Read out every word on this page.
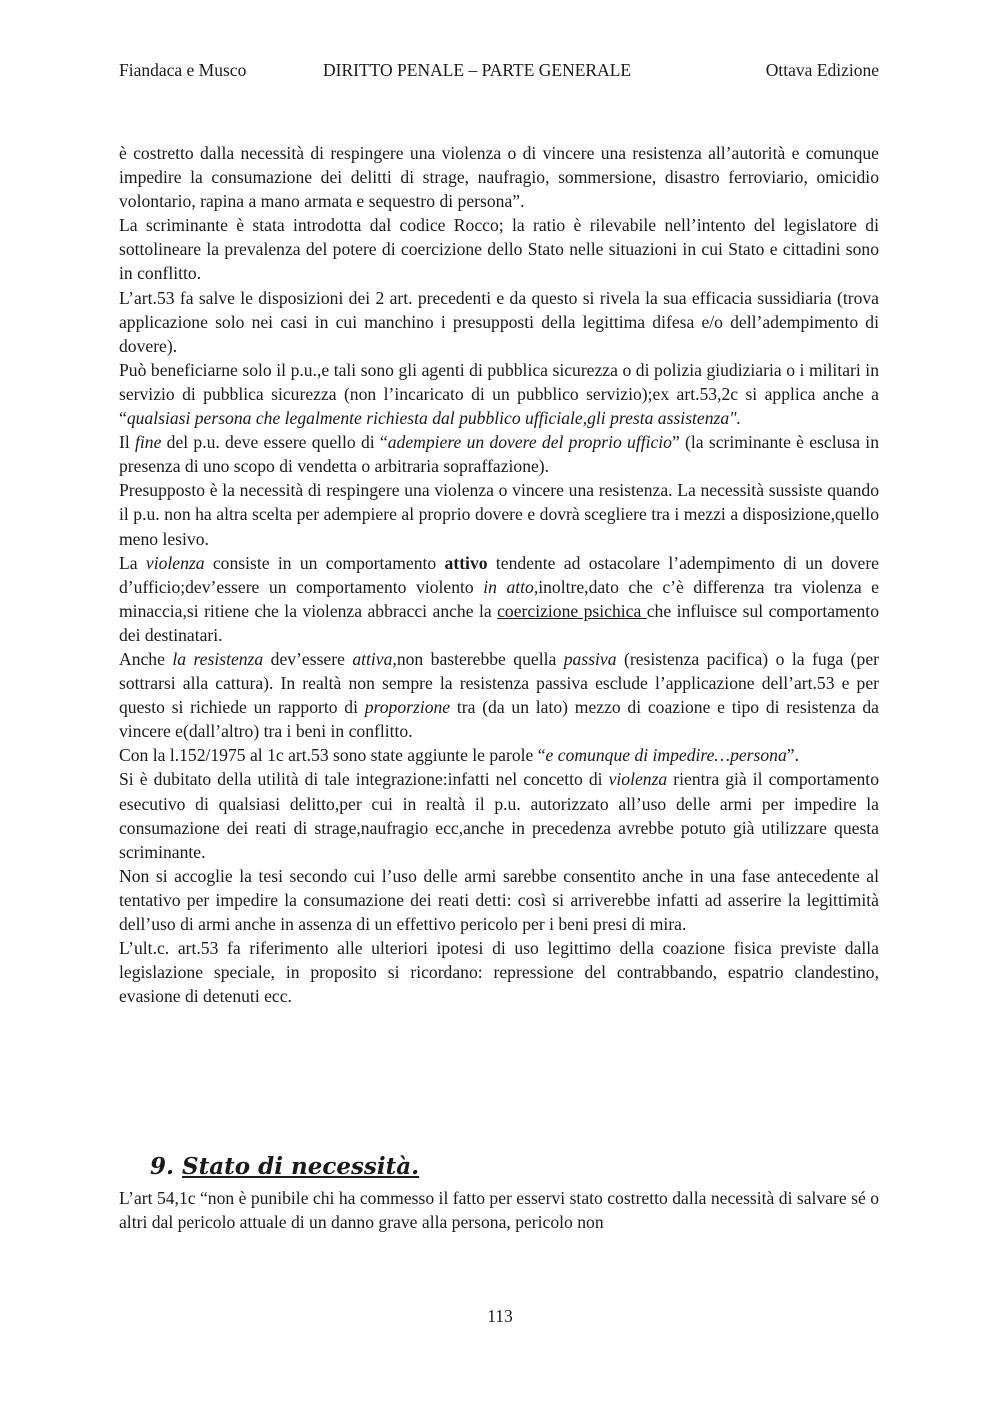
Fiandaca e Musco	DIRITTO PENALE – PARTE GENERALE	Ottava Edizione

è costretto dalla necessità di respingere una violenza o di vincere una resistenza all’autorità e comunque impedire la consumazione dei delitti di strage, naufragio, sommersione, disastro ferroviario, omicidio volontario, rapina a mano armata e sequestro di persona”.

La scriminante è stata introdotta dal codice Rocco; la ratio è rilevabile nell’intento del legislatore di sottolineare la prevalenza del potere di coercizione dello Stato nelle situazioni in cui Stato e cittadini sono in conflitto.

L’art.53 fa salve le disposizioni dei 2 art. precedenti e da questo si rivela la sua efficacia sussidiaria (trova applicazione solo nei casi in cui manchino i presupposti della legittima difesa e/o dell’adempimento di dovere).

Può beneficiarne solo il p.u.,e tali sono gli agenti di pubblica sicurezza o di polizia giudiziaria o i militari in servizio di pubblica sicurezza (non l’incaricato di un pubblico servizio);ex art.53,2c si applica anche a “qualsiasi persona che legalmente richiesta dal pubblico ufficiale,gli presta assistenza".

Il fine del p.u. deve essere quello di “adempiere un dovere del proprio ufficio” (la scriminante è esclusa in presenza di uno scopo di vendetta o arbitraria sopraffazione).

Presupposto è la necessità di respingere una violenza o vincere una resistenza. La necessità sussiste quando il p.u. non ha altra scelta per adempiere al proprio dovere e dovrà scegliere tra i mezzi a disposizione,quello meno lesivo.

La violenza consiste in un comportamento attivo tendente ad ostacolare l’adempimento di un dovere d’ufficio;dev’essere un comportamento violento in atto,inoltre,dato che c’è differenza tra violenza e minaccia,si ritiene che la violenza abbracci anche la coercizione psichica che influisce sul comportamento dei destinatari.

Anche la resistenza dev’essere attiva,non basterebbe quella passiva (resistenza pacifica) o la fuga (per sottrarsi alla cattura). In realtà non sempre la resistenza passiva esclude l’applicazione dell’art.53 e per questo si richiede un rapporto di proporzione tra (da un lato) mezzo di coazione e tipo di resistenza da vincere e(dall’altro) tra i beni in conflitto.

Con la l.152/1975 al 1c art.53 sono state aggiunte le parole “e comunque di impedire…persona”.

Si è dubitato della utilità di tale integrazione:infatti nel concetto di violenza rientra già il comportamento esecutivo di qualsiasi delitto,per cui in realtà il p.u. autorizzato all’uso delle armi per impedire la consumazione dei reati di strage,naufragio ecc,anche in precedenza avrebbe potuto già utilizzare questa scriminante.

Non si accoglie la tesi secondo cui l’uso delle armi sarebbe consentito anche in una fase antecedente al tentativo per impedire la consumazione dei reati detti: così si arriverebbe infatti ad asserire la legittimità dell’uso di armi anche in assenza di un effettivo pericolo per i beni presi di mira.

L’ult.c. art.53 fa riferimento alle ulteriori ipotesi di uso legittimo della coazione fisica previste dalla legislazione speciale, in proposito si ricordano: repressione del contrabbando, espatrio clandestino, evasione di detenuti ecc.

9. Stato di necessità.

L’art 54,1c “non è punibile chi ha commesso il fatto per esservi stato costretto dalla necessità di salvare sé o altri dal pericolo attuale di un danno grave alla persona, pericolo non

113
